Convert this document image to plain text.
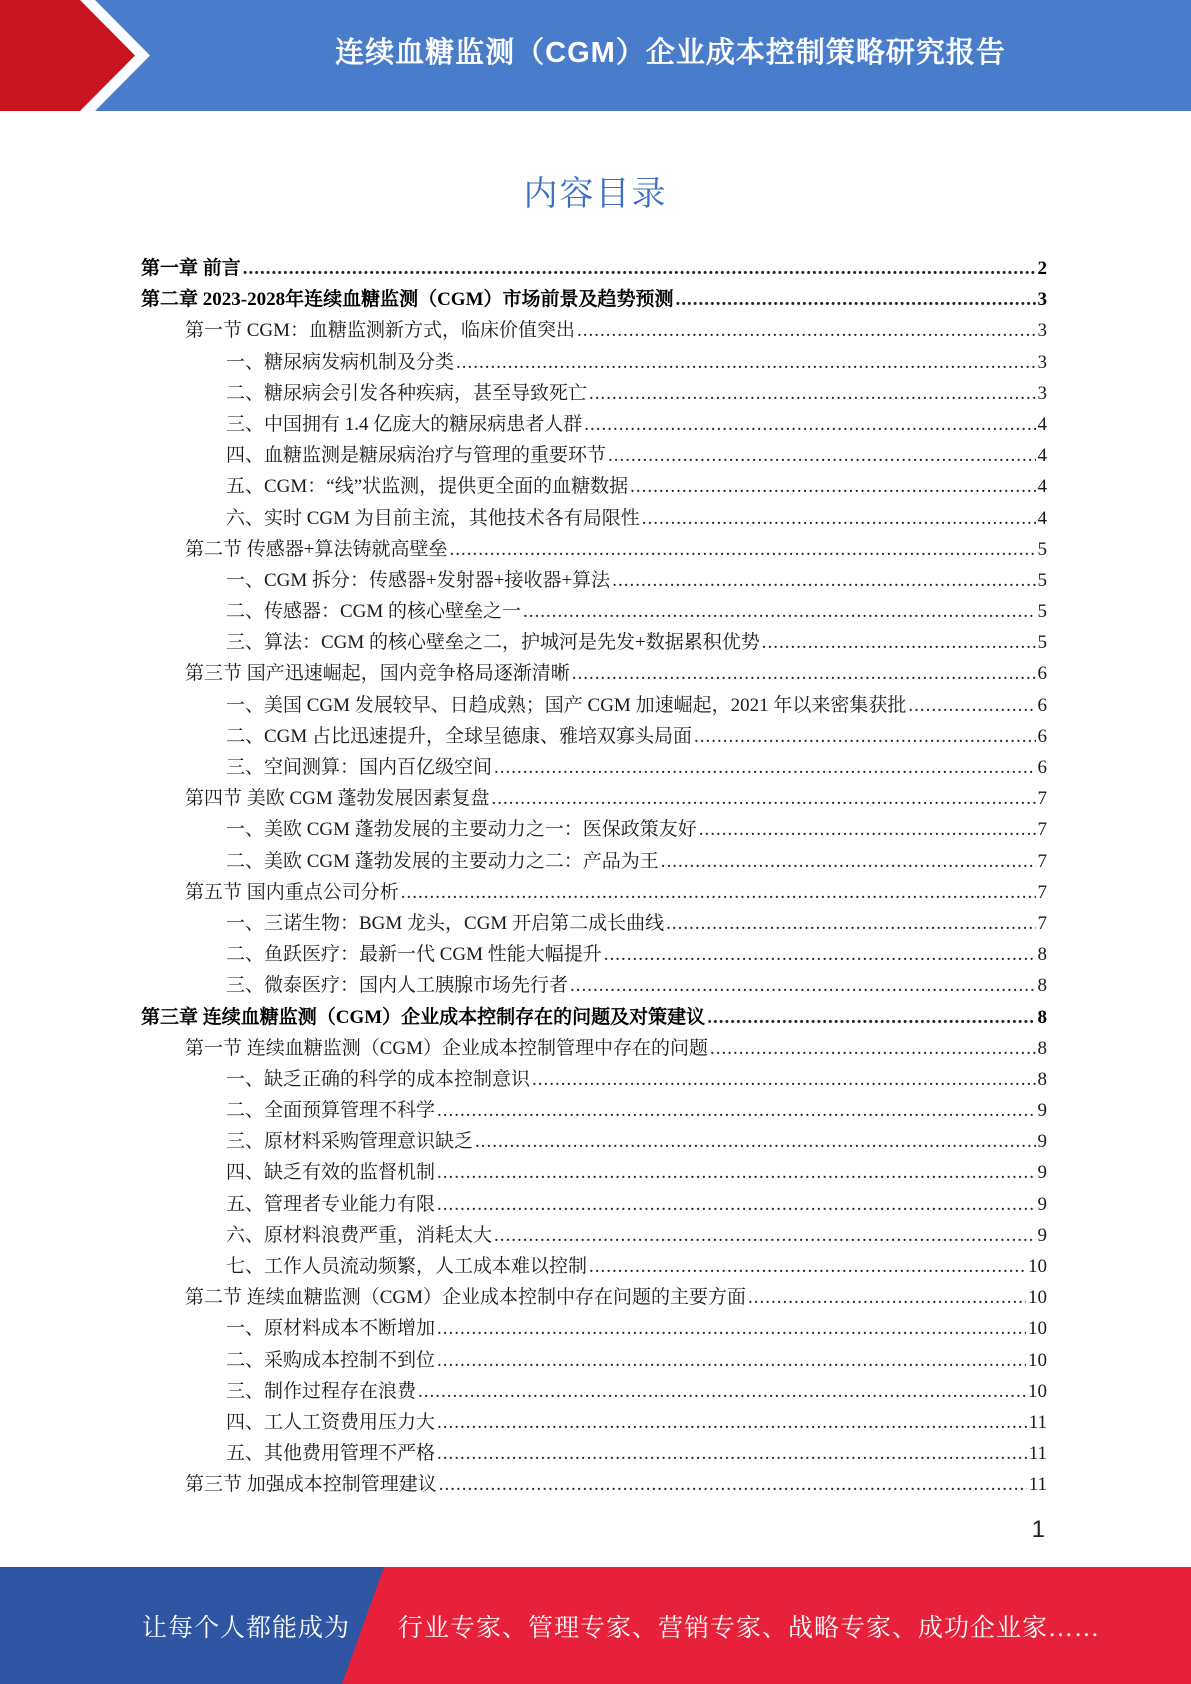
连续血糖监测（CGM）企业成本控制策略研究报告
内容目录
第一章 前言 .....	2
第二章 2023-2028年连续血糖监测（CGM）市场前景及趋势预测 .....	3
第一节 CGM：血糖监测新方式，临床价值突出 .....	3
一、糖尿病发病机制及分类 .....	3
二、糖尿病会引发各种疾病，甚至导致死亡 .....	3
三、中国拥有 1.4 亿庞大的糖尿病患者人群 .....	4
四、血糖监测是糖尿病治疗与管理的重要环节 .....	4
五、CGM：“线”状监测，提供更全面的血糖数据 .....	4
六、实时 CGM 为目前主流，其他技术各有局限性 .....	4
第二节 传感器+算法铸就高壁垒 .....	5
一、CGM 拆分：传感器+发射器+接收器+算法 .....	5
二、传感器：CGM 的核心壁垒之一 .....	5
三、算法：CGM 的核心壁垒之二，护城河是先发+数据累积优势 .....	5
第三节 国产迅速崛起，国内竞争格局逐渐清晰 .....	6
一、美国 CGM 发展较早、日趋成熟；国产 CGM 加速崛起，2021 年以来密集获批 .....	6
二、CGM 占比迅速提升，全球呈德康、雅培双寡头局面 .....	6
三、空间测算：国内百亿级空间 .....	6
第四节 美欧 CGM 蓬勃发展因素复盘 .....	7
一、美欧 CGM 蓬勃发展的主要动力之一：医保政策友好 .....	7
二、美欧 CGM 蓬勃发展的主要动力之二：产品为王 .....	7
第五节 国内重点公司分析 .....	7
一、三诺生物：BGM 龙头，CGM 开启第二成长曲线 .....	7
二、鱼跃医疗：最新一代 CGM 性能大幅提升 .....	8
三、微泰医疗：国内人工胰腺市场先行者 .....	8
第三章 连续血糖监测（CGM）企业成本控制存在的问题及对策建议 .....	8
第一节 连续血糖监测（CGM）企业成本控制管理中存在的问题 .....	8
一、缺乏正确的科学的成本控制意识 .....	8
二、全面预算管理不科学 .....	9
三、原材料采购管理意识缺乏 .....	9
四、缺乏有效的监督机制 .....	9
五、管理者专业能力有限 .....	9
六、原材料浪费严重，消耗太大 .....	9
七、工作人员流动频繁，人工成本难以控制 .....	10
第二节 连续血糖监测（CGM）企业成本控制中存在问题的主要方面 .....	10
一、原材料成本不断增加 .....	10
二、采购成本控制不到位 .....	10
三、制作过程存在浪费 .....	10
四、工人工资费用压力大 .....	11
五、其他费用管理不严格 .....	11
第三节 加强成本控制管理建议 .....	11
1
让每个人都能成为 行业专家、管理专家、营销专家、战略专家、成功企业家……
